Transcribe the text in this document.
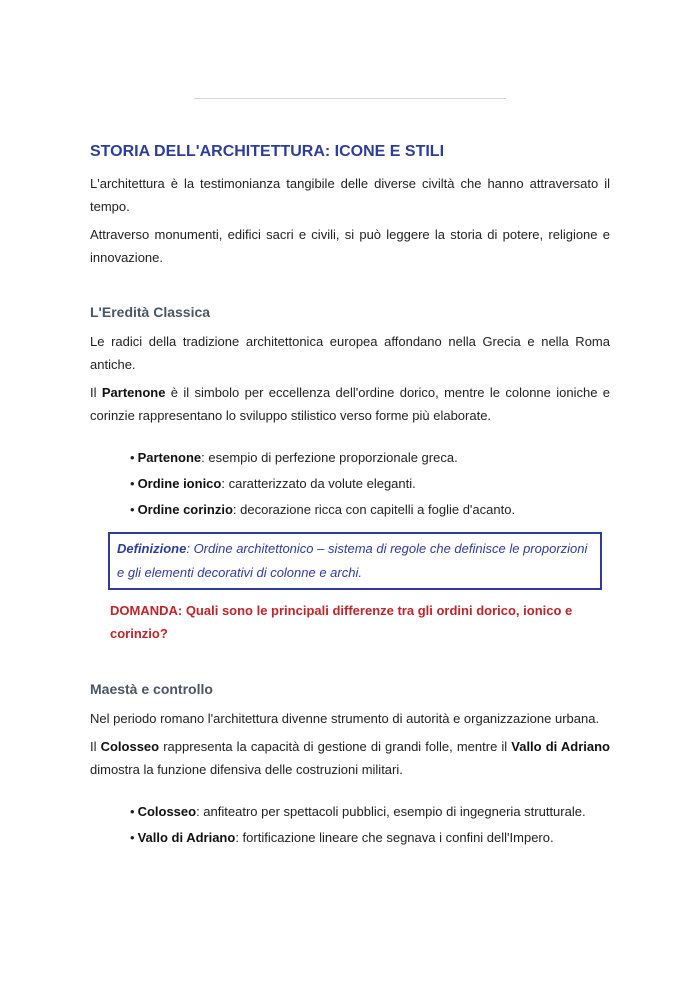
STORIA DELL'ARCHITETTURA: ICONE E STILI

L'architettura è la testimonianza tangibile delle diverse civiltà che hanno attraversato il tempo.

Attraverso monumenti, edifici sacri e civili, si può leggere la storia di potere, religione e innovazione.

L'Eredità Classica

Le radici della tradizione architettonica europea affondano nella Grecia e nella Roma antiche.

Il Partenone è il simbolo per eccellenza dell'ordine dorico, mentre le colonne ioniche e corinzie rappresentano lo sviluppo stilistico verso forme più elaborate.

• Partenone: esempio di perfezione proporzionale greca.
• Ordine ionico: caratterizzato da volute eleganti.
• Ordine corinzio: decorazione ricca con capitelli a foglie d'acanto.
Definizione: Ordine architettonico – sistema di regole che definisce le proporzioni e gli elementi decorativi di colonne e archi.

DOMANDA: Quali sono le principali differenze tra gli ordini dorico, ionico e corinzio?

Maestà e controllo

Nel periodo romano l'architettura divenne strumento di autorità e organizzazione urbana.

Il Colosseo rappresenta la capacità di gestione di grandi folle, mentre il Vallo di Adriano dimostra la funzione difensiva delle costruzioni militari.

• Colosseo: anfiteatro per spettacoli pubblici, esempio di ingegneria strutturale.
• Vallo di Adriano: fortificazione lineare che segnava i confini dell'Impero.
